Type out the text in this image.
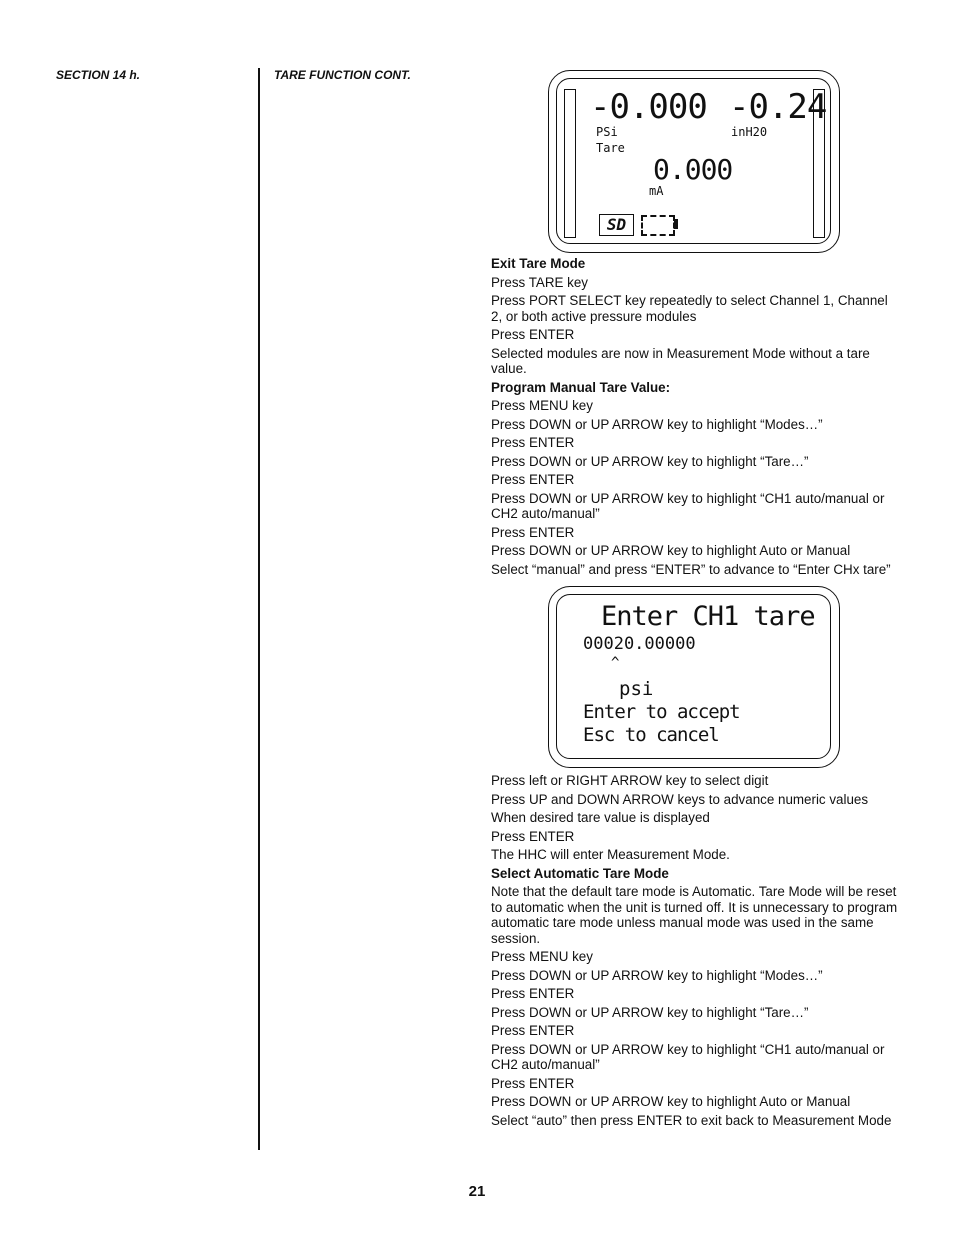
SECTION 14 h.	TARE FUNCTION CONT.
-0.000 -0.24
PSi	inH20
Tare
0.000
mA
SD

Exit Tare Mode

Press TARE key

Press PORT SELECT key repeatedly to select Channel 1, Channel 2, or both active pressure modules

Press ENTER

Selected modules are now in Measurement Mode without a tare value.

Program Manual Tare Value:

Press MENU key

Press DOWN or UP ARROW key to highlight “Modes…”

Press ENTER

Press DOWN or UP ARROW key to highlight “Tare…”

Press ENTER

Press DOWN or UP ARROW key to highlight “CH1 auto/manual or CH2 auto/manual”

Press ENTER

Press DOWN or UP ARROW key to highlight Auto or Manual

Select “manual” and press “ENTER” to advance to “Enter CHx tare”

Enter CH1 tare
00020.00000
^
psi
Enter to accept
Esc to cancel

Press left or RIGHT ARROW key to select digit

Press UP and DOWN ARROW keys to advance numeric values

When desired tare value is displayed

Press ENTER

The HHC will enter Measurement Mode.

Select Automatic Tare Mode

Note that the default tare mode is Automatic. Tare Mode will be reset to automatic when the unit is turned off. It is unnecessary to program automatic tare mode unless manual mode was used in the same session.

Press MENU key

Press DOWN or UP ARROW key to highlight “Modes…”

Press ENTER

Press DOWN or UP ARROW key to highlight “Tare…”

Press ENTER

Press DOWN or UP ARROW key to highlight “CH1 auto/manual or CH2 auto/manual”

Press ENTER

Press DOWN or UP ARROW key to highlight Auto or Manual

Select “auto” then press ENTER to exit back to Measurement Mode

21
